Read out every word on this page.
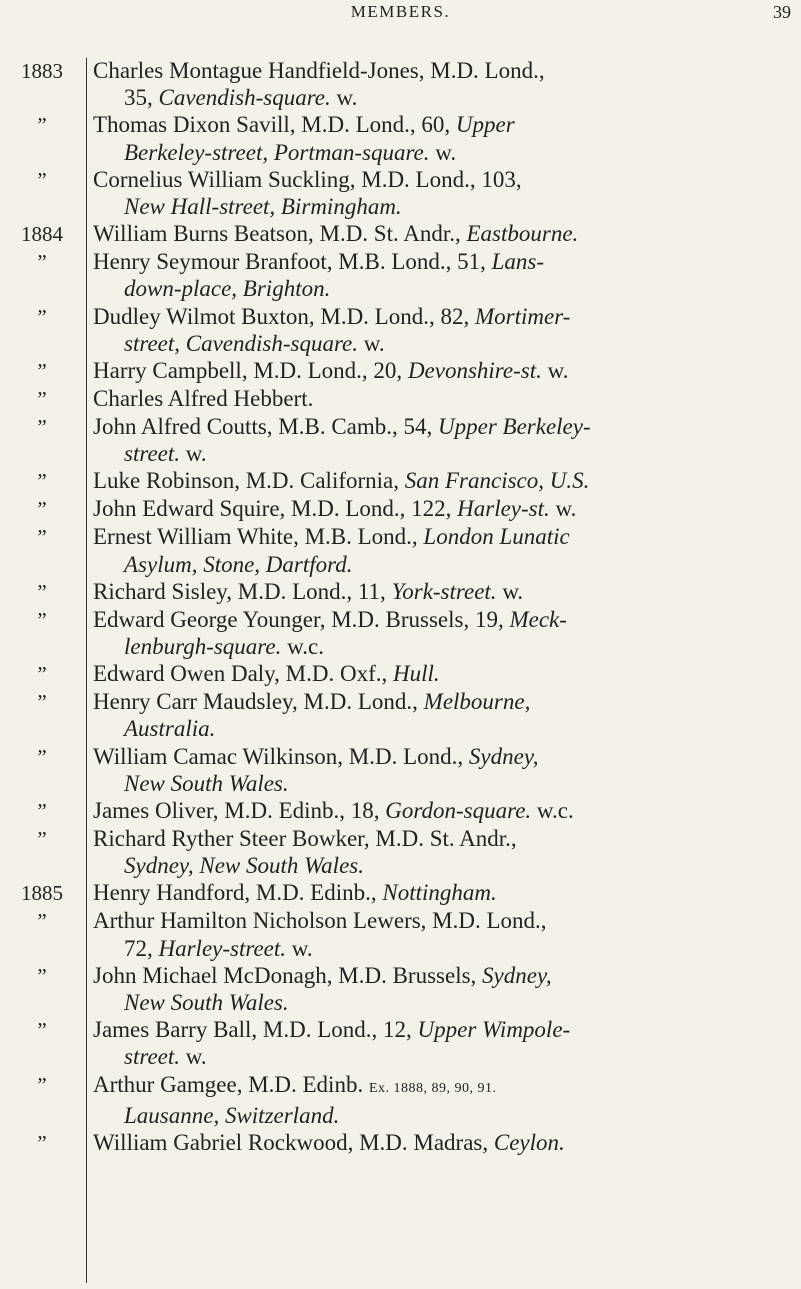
MEMBERS.	39
1883	Charles Montague Handfield-Jones, M.D. Lond.,
35, Cavendish-square. w.
”	Thomas Dixon Savill, M.D. Lond., 60, Upper
Berkeley-street, Portman-square. w.
”	Cornelius William Suckling, M.D. Lond., 103,
New Hall-street, Birmingham.
1884	William Burns Beatson, M.D. St. Andr., Eastbourne.
”	Henry Seymour Branfoot, M.B. Lond., 51, Lans-
down-place, Brighton.
”	Dudley Wilmot Buxton, M.D. Lond., 82, Mortimer-
street, Cavendish-square. w.
”	Harry Campbell, M.D. Lond., 20, Devonshire-st. w.
”	Charles Alfred Hebbert.
”	John Alfred Coutts, M.B. Camb., 54, Upper Berkeley-
street. w.
”	Luke Robinson, M.D. California, San Francisco, U.S.
”	John Edward Squire, M.D. Lond., 122, Harley-st. w.
”	Ernest William White, M.B. Lond., London Lunatic
Asylum, Stone, Dartford.
”	Richard Sisley, M.D. Lond., 11, York-street. w.
”	Edward George Younger, M.D. Brussels, 19, Meck-
lenburgh-square. w.c.
”	Edward Owen Daly, M.D. Oxf., Hull.
”	Henry Carr Maudsley, M.D. Lond., Melbourne,
Australia.
”	William Camac Wilkinson, M.D. Lond., Sydney,
New South Wales.
”	James Oliver, M.D. Edinb., 18, Gordon-square. w.c.
”	Richard Ryther Steer Bowker, M.D. St. Andr.,
Sydney, New South Wales.
1885	Henry Handford, M.D. Edinb., Nottingham.
”	Arthur Hamilton Nicholson Lewers, M.D. Lond.,
72, Harley-street. w.
”	John Michael McDonagh, M.D. Brussels, Sydney,
New South Wales.
”	James Barry Ball, M.D. Lond., 12, Upper Wimpole-
street. w.
”	Arthur Gamgee, M.D. Edinb. Ex. 1888, 89, 90, 91.
Lausanne, Switzerland.
”	William Gabriel Rockwood, M.D. Madras, Ceylon.
